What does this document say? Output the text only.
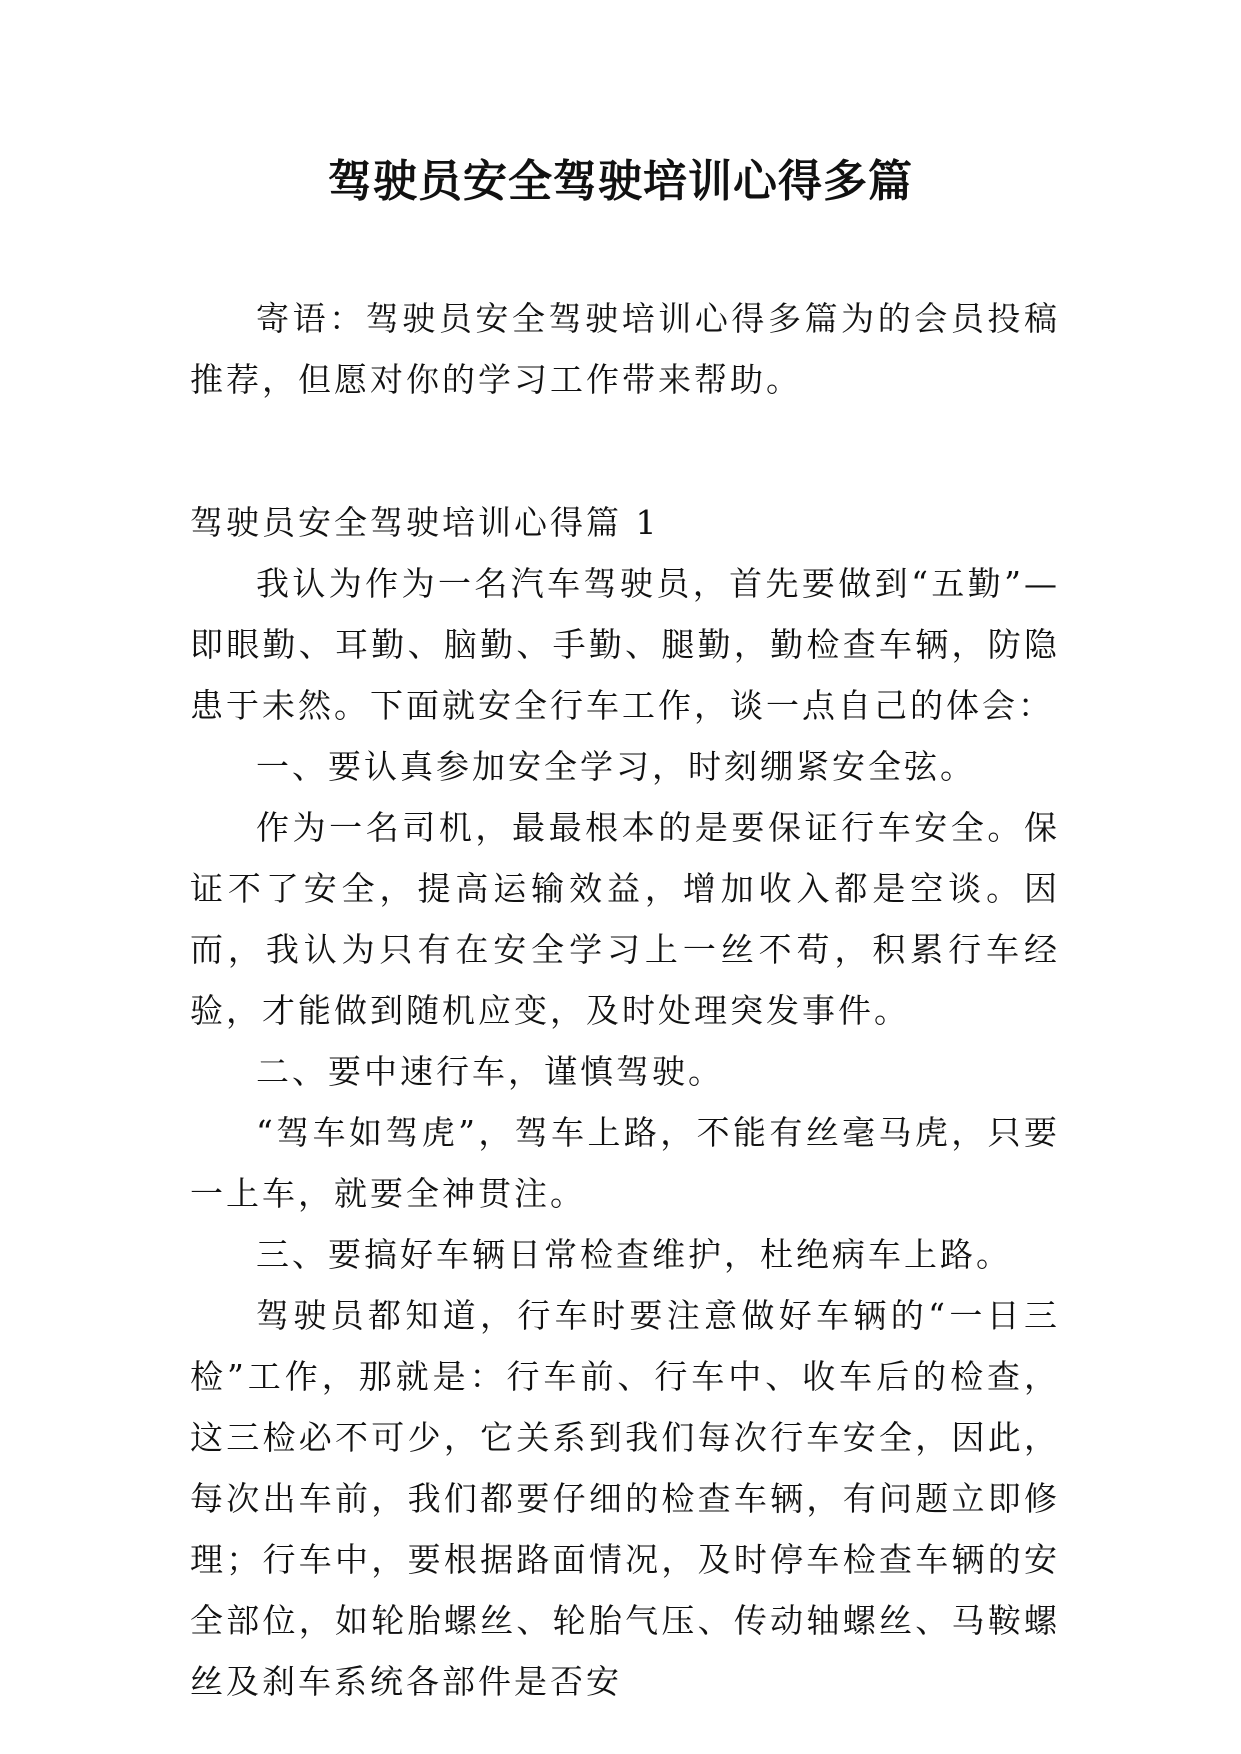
驾驶员安全驾驶培训心得多篇

寄语：驾驶员安全驾驶培训心得多篇为的会员投稿推荐，但愿对你的学习工作带来帮助。

驾驶员安全驾驶培训心得篇 1

我认为作为一名汽车驾驶员，首先要做到“五勤”—即眼勤、耳勤、脑勤、手勤、腿勤，勤检查车辆，防隐患于未然。下面就安全行车工作，谈一点自己的体会：

一、要认真参加安全学习，时刻绷紧安全弦。

作为一名司机，最最根本的是要保证行车安全。保证不了安全，提高运输效益，增加收入都是空谈。因而，我认为只有在安全学习上一丝不苟，积累行车经验，才能做到随机应变，及时处理突发事件。

二、要中速行车，谨慎驾驶。

“驾车如驾虎”，驾车上路，不能有丝毫马虎，只要一上车，就要全神贯注。

三、要搞好车辆日常检查维护，杜绝病车上路。

驾驶员都知道，行车时要注意做好车辆的“一日三检”工作，那就是：行车前、行车中、收车后的检查，这三检必不可少，它关系到我们每次行车安全，因此，每次出车前，我们都要仔细的检查车辆，有问题立即修理；行车中，要根据路面情况，及时停车检查车辆的安全部位，如轮胎螺丝、轮胎气压、传动轴螺丝、马鞍螺丝及刹车系统各部件是否安
